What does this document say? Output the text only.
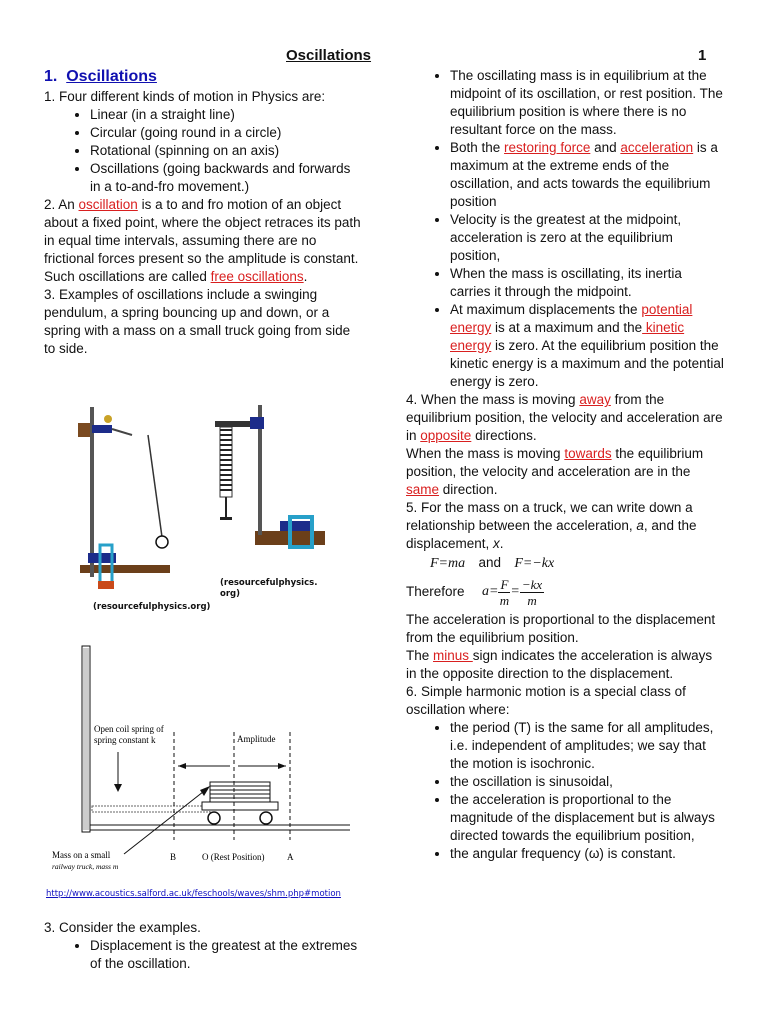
Oscillations	1
1. Oscillations

1. Four different kinds of motion in Physics are:

• Linear (in a straight line)
• Circular (going round in a circle)
• Rotational (spinning on an axis)
• Oscillations (going backwards and forwards in a to-and-fro movement.)

2. An oscillation is a to and fro motion of an object about a fixed point, where the object retraces its path in equal time intervals, assuming there are no frictional forces present so the amplitude is constant. Such oscillations are called free oscillations.

3. Examples of oscillations include a swinging pendulum, a spring bouncing up and down, or a spring with a mass on a small truck going from side to side.

(resourcefulphysics.org)
(resourcefulphysics.
org)
Open coil spring of
spring constant k	Amplitude
Mass on a small
railway truck, mass m
B	O (Rest Position) A
http://www.acoustics.salford.ac.uk/feschools/waves/shm.php#motion

3. Consider the examples.

• Displacement is the greatest at the extremes of the oscillation.
• The oscillating mass is in equilibrium at the midpoint of its oscillation, or rest position. The equilibrium position is where there is no resultant force on the mass.
• Both the restoring force and acceleration is a maximum at the extreme ends of the oscillation, and acts towards the equilibrium position
• Velocity is the greatest at the midpoint, acceleration is zero at the equilibrium position,
• When the mass is oscillating, its inertia carries it through the midpoint.
• At maximum displacements the potential energy is at a maximum and the kinetic energy is zero. At the equilibrium position the kinetic energy is a maximum and the potential energy is zero.

4. When the mass is moving away from the equilibrium position, the velocity and acceleration are in opposite directions.
When the mass is moving towards the equilibrium position, the velocity and acceleration are in the same direction.

5. For the mass on a truck, we can write down a relationship between the acceleration, a, and the displacement, x.

F=ma and F=−kx
Therefore	$a= \frac{F}{m} = \frac{-kx}{m}$

The acceleration is proportional to the displacement from the equilibrium position.

The minus sign indicates the acceleration is always in the opposite direction to the displacement.

6. Simple harmonic motion is a special class of oscillation where:

• the period (T) is the same for all amplitudes, i.e. independent of amplitudes; we say that the motion is isochronic.
• the oscillation is sinusoidal,
• the acceleration is proportional to the magnitude of the displacement but is always directed towards the equilibrium position,
• the angular frequency (ω) is constant.
